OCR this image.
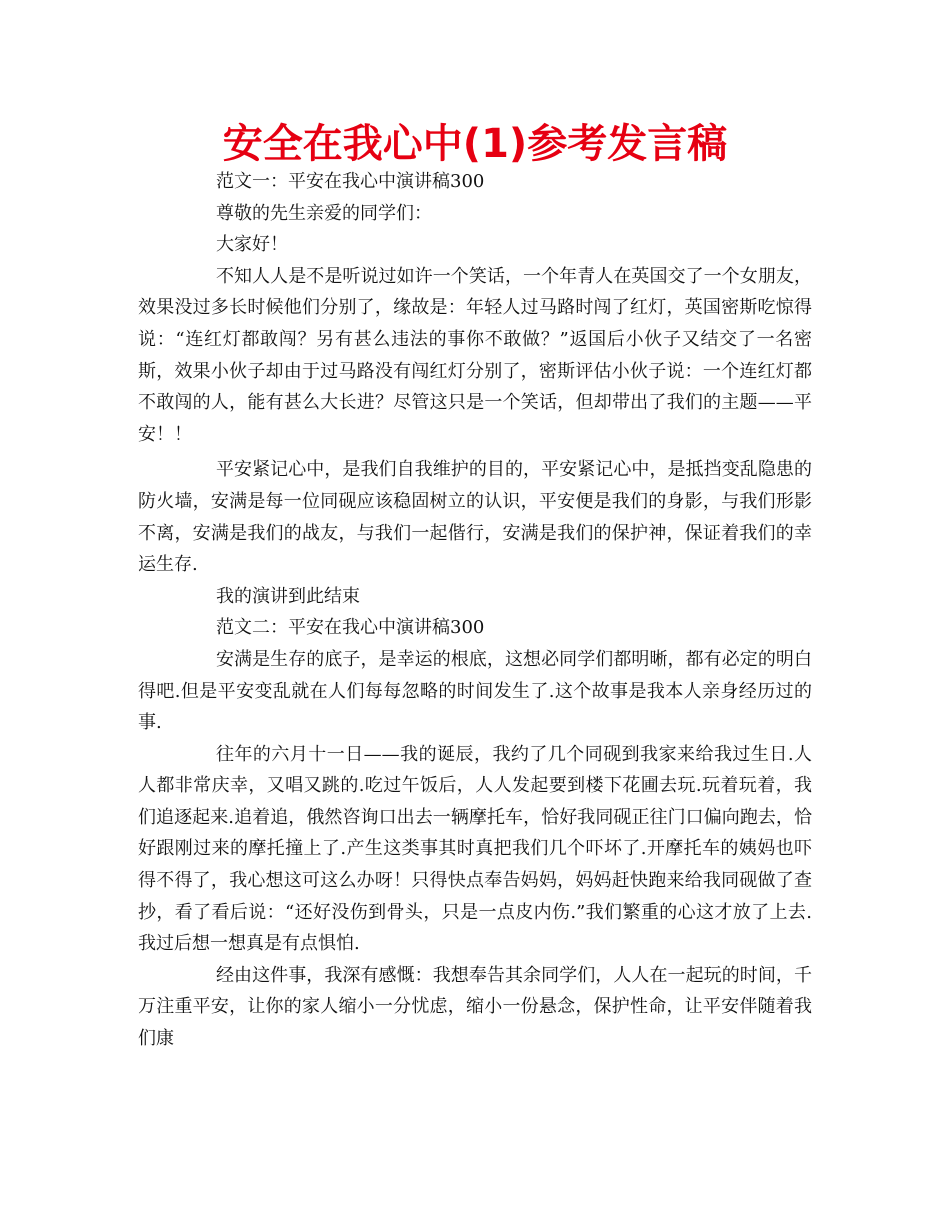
安全在我心中(1)参考发言稿

范文一：平安在我心中演讲稿300

尊敬的先生亲爱的同学们：

大家好！

不知人人是不是听说过如许一个笑话，一个年青人在英国交了一个女朋友，效果没过多长时候他们分别了，缘故是：年轻人过马路时闯了红灯，英国密斯吃惊得说：“连红灯都敢闯？另有甚么违法的事你不敢做？”返国后小伙子又结交了一名密斯，效果小伙子却由于过马路没有闯红灯分别了，密斯评估小伙子说：一个连红灯都不敢闯的人，能有甚么大长进？尽管这只是一个笑话，但却带出了我们的主题——平安！！

平安紧记心中，是我们自我维护的目的，平安紧记心中，是抵挡变乱隐患的防火墙，安满是每一位同砚应该稳固树立的认识，平安便是我们的身影，与我们形影不离，安满是我们的战友，与我们一起偕行，安满是我们的保护神，保证着我们的幸运生存.

我的演讲到此结束

范文二：平安在我心中演讲稿300

安满是生存的底子，是幸运的根底，这想必同学们都明晰，都有必定的明白得吧.但是平安变乱就在人们每每忽略的时间发生了.这个故事是我本人亲身经历过的事.

往年的六月十一日——我的诞辰，我约了几个同砚到我家来给我过生日.人人都非常庆幸，又唱又跳的.吃过午饭后，人人发起要到楼下花圃去玩.玩着玩着，我们追逐起来.追着追，俄然咨询口出去一辆摩托车，恰好我同砚正往门口偏向跑去，恰好跟刚过来的摩托撞上了.产生这类事其时真把我们几个吓坏了.开摩托车的姨妈也吓得不得了，我心想这可这么办呀！只得快点奉告妈妈，妈妈赶快跑来给我同砚做了查抄，看了看后说：“还好没伤到骨头，只是一点皮内伤.”我们繁重的心这才放了上去.我过后想一想真是有点惧怕.

经由这件事，我深有感慨：我想奉告其余同学们，人人在一起玩的时间，千万注重平安，让你的家人缩小一分忧虑，缩小一份悬念，保护性命，让平安伴随着我们康
